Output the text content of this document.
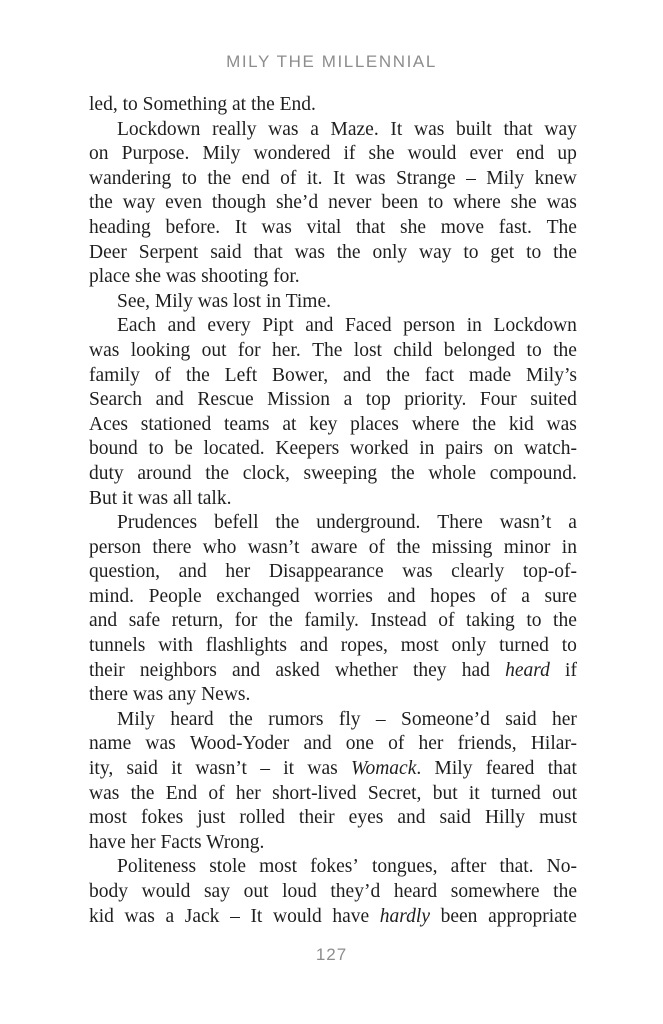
MILY THE MILLENNIAL
led, to Something at the End.
Lockdown really was a Maze. It was built that way
on Purpose. Mily wondered if she would ever end up
wandering to the end of it. It was Strange – Mily knew
the way even though she’d never been to where she was
heading before. It was vital that she move fast. The
Deer Serpent said that was the only way to get to the
place she was shooting for.
See, Mily was lost in Time.
Each and every Pipt and Faced person in Lockdown
was looking out for her. The lost child belonged to the
family of the Left Bower, and the fact made Mily’s
Search and Rescue Mission a top priority. Four suited
Aces stationed teams at key places where the kid was
bound to be located. Keepers worked in pairs on watch-
duty around the clock, sweeping the whole compound.
But it was all talk.
Prudences befell the underground. There wasn’t a
person there who wasn’t aware of the missing minor in
question, and her Disappearance was clearly top-of-
mind. People exchanged worries and hopes of a sure
and safe return, for the family. Instead of taking to the
tunnels with flashlights and ropes, most only turned to
their neighbors and asked whether they had heard if
there was any News.
Mily heard the rumors fly – Someone’d said her
name was Wood-Yoder and one of her friends, Hilar-
ity, said it wasn’t – it was Womack. Mily feared that
was the End of her short-lived Secret, but it turned out
most fokes just rolled their eyes and said Hilly must
have her Facts Wrong.
Politeness stole most fokes’ tongues, after that. No-
body would say out loud they’d heard somewhere the
kid was a Jack – It would have hardly been appropriate
127
